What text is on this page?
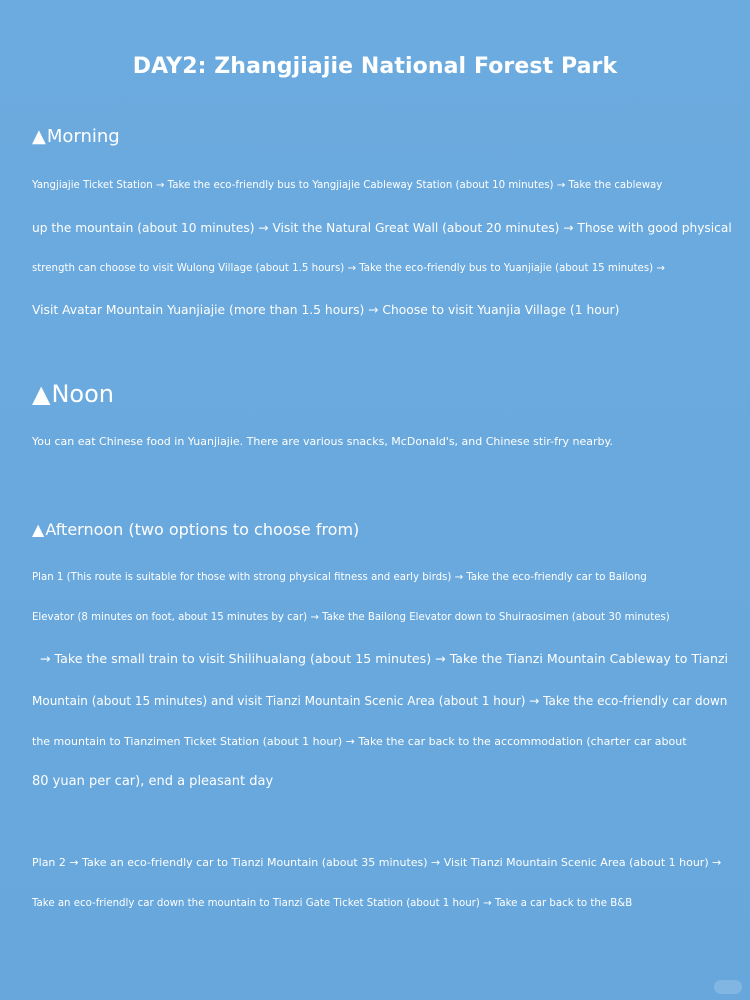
DAY2: Zhangjiajie National Forest Park
▲Morning
Yangjiajie Ticket Station → Take the eco-friendly bus to Yangjiajie Cableway Station (about 10 minutes) → Take the cableway
up the mountain (about 10 minutes) → Visit the Natural Great Wall (about 20 minutes) → Those with good physical
strength can choose to visit Wulong Village (about 1.5 hours) → Take the eco-friendly bus to Yuanjiajie (about 15 minutes) →
Visit Avatar Mountain Yuanjiajie (more than 1.5 hours) → Choose to visit Yuanjia Village (1 hour)
▲Noon
You can eat Chinese food in Yuanjiajie. There are various snacks, McDonald's, and Chinese stir-fry nearby.
▲Afternoon (two options to choose from)
Plan 1 (This route is suitable for those with strong physical fitness and early birds) → Take the eco-friendly car to Bailong
Elevator (8 minutes on foot, about 15 minutes by car) → Take the Bailong Elevator down to Shuiraosimen (about 30 minutes)
→ Take the small train to visit Shilihualang (about 15 minutes) → Take the Tianzi Mountain Cableway to Tianzi
Mountain (about 15 minutes) and visit Tianzi Mountain Scenic Area (about 1 hour) → Take the eco-friendly car down
the mountain to Tianzimen Ticket Station (about 1 hour) → Take the car back to the accommodation (charter car about
80 yuan per car), end a pleasant day
Plan 2 → Take an eco-friendly car to Tianzi Mountain (about 35 minutes) → Visit Tianzi Mountain Scenic Area (about 1 hour) →
Take an eco-friendly car down the mountain to Tianzi Gate Ticket Station (about 1 hour) → Take a car back to the B&B
